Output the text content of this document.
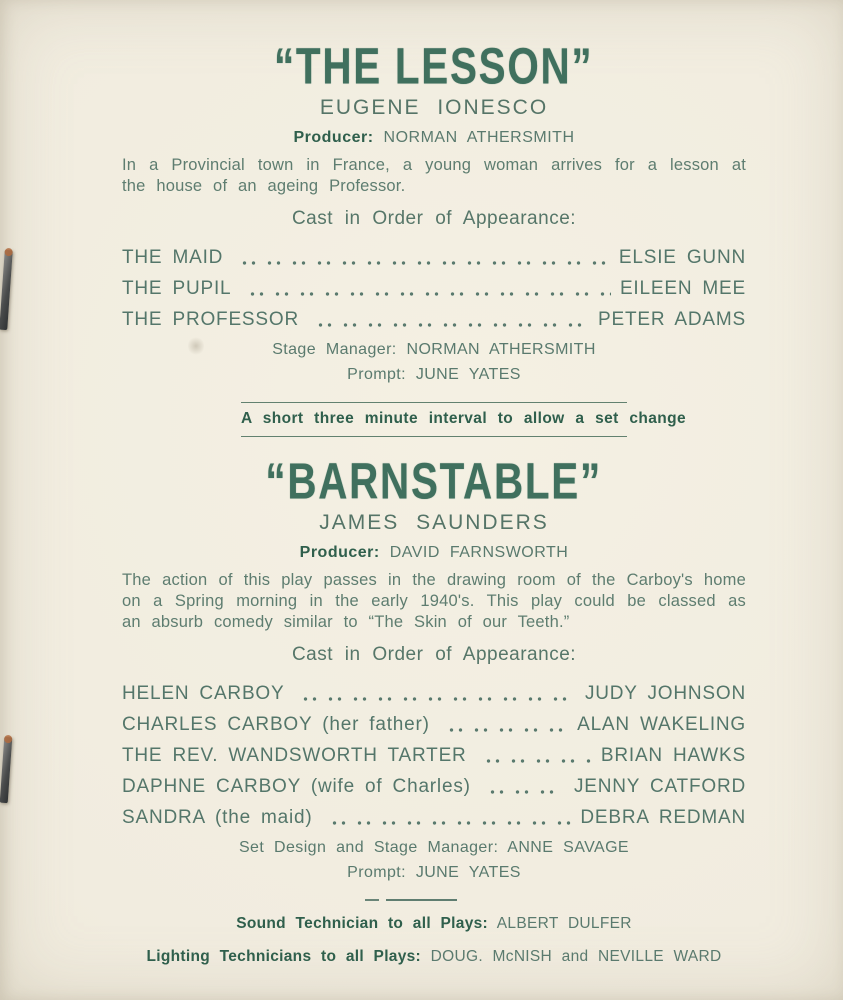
“THE LESSON”
EUGENE IONESCO
Producer: NORMAN ATHERSMITH

In a Provincial town in France, a young woman arrives for a lesson at the house of an ageing Professor.

Cast in Order of Appearance:
THE MAID	ELSIE GUNN
THE PUPIL	EILEEN MEE
THE PROFESSOR	PETER ADAMS
Stage Manager: NORMAN ATHERSMITH
Prompt: JUNE YATES
A short three minute interval to allow a set change
“BARNSTABLE”
JAMES SAUNDERS
Producer: DAVID FARNSWORTH

The action of this play passes in the drawing room of the Carboy's home on a Spring morning in the early 1940's. This play could be classed as an absurb comedy similar to “The Skin of our Teeth.”

Cast in Order of Appearance:
HELEN CARBOY	JUDY JOHNSON
CHARLES CARBOY (her father)	ALAN WAKELING
THE REV. WANDSWORTH TARTER	BRIAN HAWKS
DAPHNE CARBOY (wife of Charles)	JENNY CATFORD
SANDRA (the maid)	DEBRA REDMAN
Set Design and Stage Manager: ANNE SAVAGE
Prompt: JUNE YATES
Sound Technician to all Plays: ALBERT DULFER
Lighting Technicians to all Plays: DOUG. McNISH and NEVILLE WARD
